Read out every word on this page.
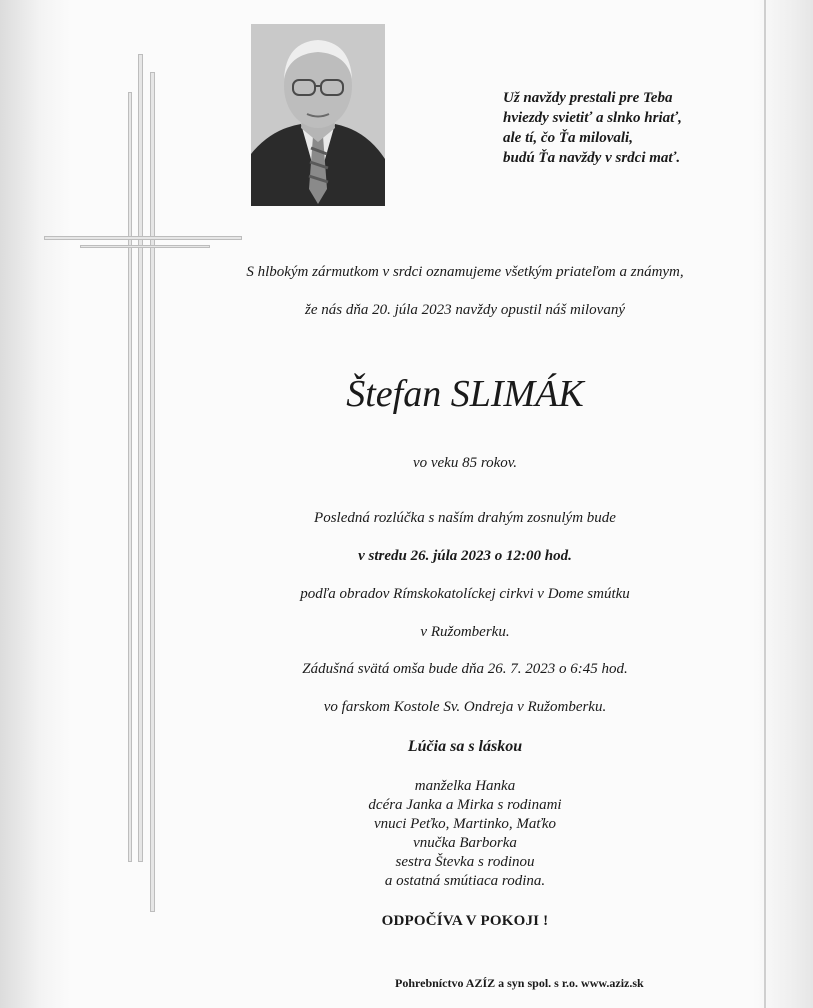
Už navždy prestali pre Teba
hviezdy svietiť a slnko hriať,
ale tí, čo Ťa milovali,
budú Ťa navždy v srdci mať.
S hlbokým zármutkom v srdci oznamujeme všetkým priateľom a známym,
že nás dňa 20. júla 2023 navždy opustil náš milovaný
Štefan SLIMÁK
vo veku 85 rokov.
Posledná rozlúčka s naším drahým zosnulým bude
v stredu 26. júla 2023 o 12:00 hod.
podľa obradov Rímskokatolíckej cirkvi v Dome smútku
v Ružomberku.
Zádušná svätá omša bude dňa 26. 7. 2023 o 6:45 hod.
vo farskom Kostole Sv. Ondreja v Ružomberku.
Lúčia sa s láskou
manželka Hanka
dcéra Janka a Mirka s rodinami
vnuci Peťko, Martinko, Maťko
vnučka Barborka
sestra Števka s rodinou
a ostatná smútiaca rodina.
ODPOČÍVA V POKOJI !
Pohrebníctvo AZÍZ a syn spol. s r.o. www.aziz.sk
